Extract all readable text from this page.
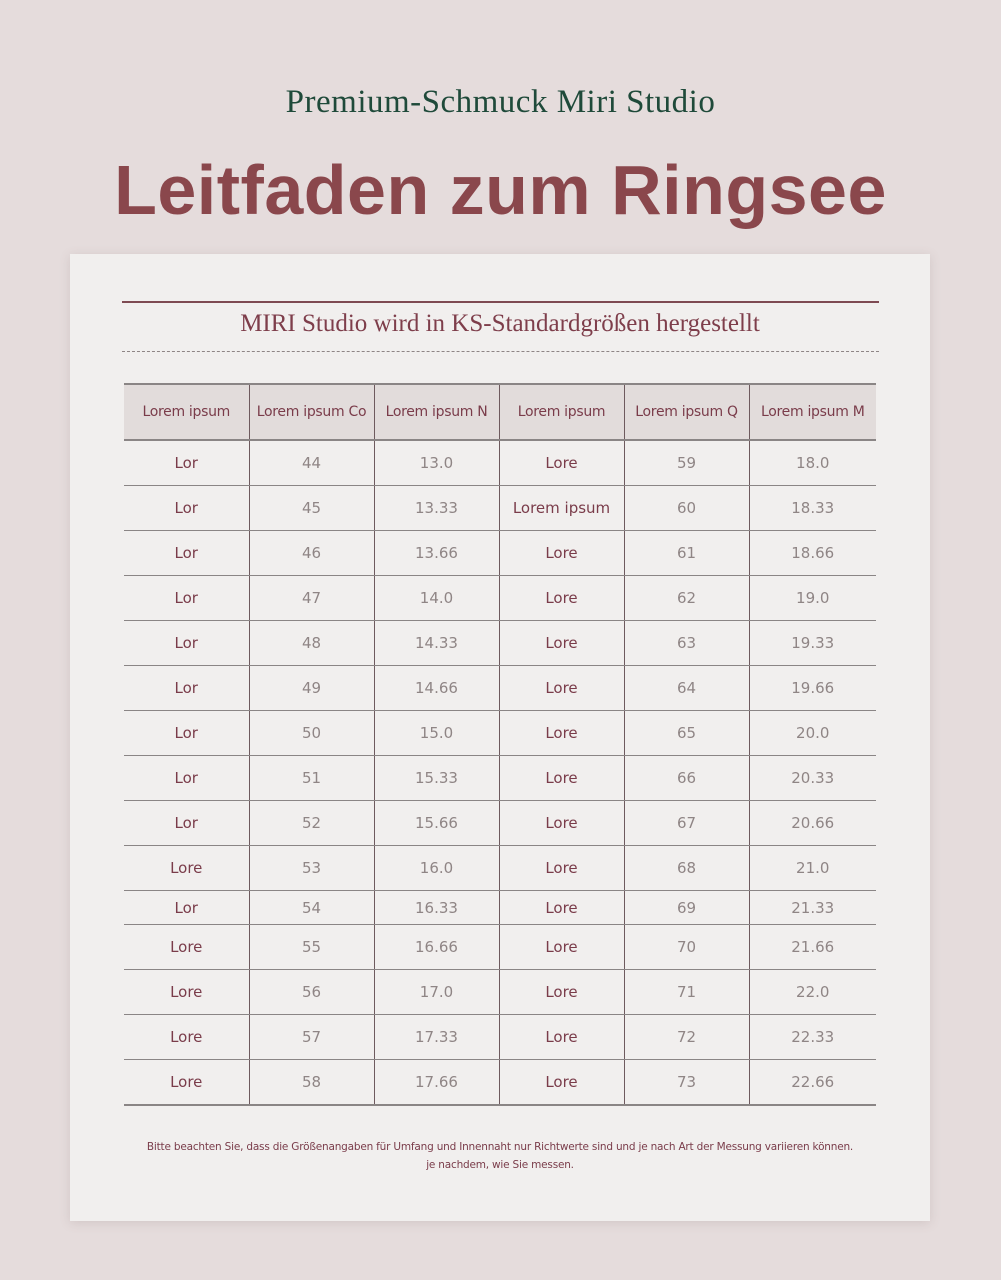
Premium-Schmuck Miri Studio
Leitfaden zum Ringsee
MIRI Studio wird in KS-Standardgrößen hergestellt
Lorem ipsum	Lorem ipsum Co	Lorem ipsum N	Lorem ipsum	Lorem ipsum Q	Lorem ipsum M
Lor	44	13.0	Lore	59	18.0
Lor	45	13.33	Lorem ipsum	60	18.33
Lor	46	13.66	Lore	61	18.66
Lor	47	14.0	Lore	62	19.0
Lor	48	14.33	Lore	63	19.33
Lor	49	14.66	Lore	64	19.66
Lor	50	15.0	Lore	65	20.0
Lor	51	15.33	Lore	66	20.33
Lor	52	15.66	Lore	67	20.66
Lore	53	16.0	Lore	68	21.0
Lor	54	16.33	Lore	69	21.33
Lore	55	16.66	Lore	70	21.66
Lore	56	17.0	Lore	71	22.0
Lore	57	17.33	Lore	72	22.33
Lore	58	17.66	Lore	73	22.66
Bitte beachten Sie, dass die Größenangaben für Umfang und Innennaht nur Richtwerte sind und je nach Art der Messung variieren können.
je nachdem, wie Sie messen.
